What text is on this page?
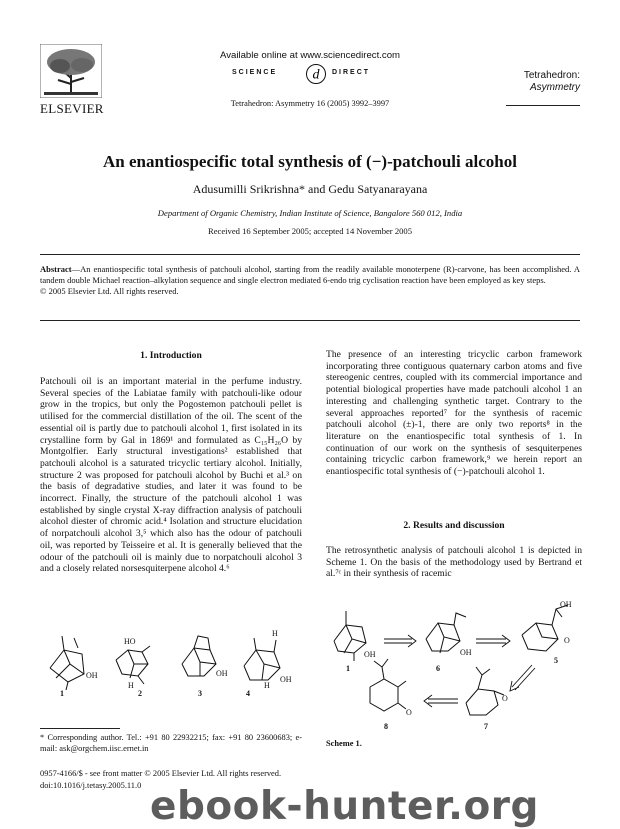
ELSEVIER
Available online at www.sciencedirect.com
SCIENCE	d DIRECT
Tetrahedron: Asymmetry 16 (2005) 3992–3997
Tetrahedron:
Asymmetry
An enantiospecific total synthesis of (−)-patchouli alcohol
Adusumilli Srikrishna* and Gedu Satyanarayana
Department of Organic Chemistry, Indian Institute of Science, Bangalore 560 012, India
Received 16 September 2005; accepted 14 November 2005
Abstract—An enantiospecific total synthesis of patchouli alcohol, starting from the readily available monoterpene (R)-carvone, has been accomplished. A tandem double Michael reaction–alkylation sequence and single electron mediated 6-endo trig cyclisation reaction have been employed as key steps.
© 2005 Elsevier Ltd. All rights reserved.
1. Introduction
Patchouli oil is an important material in the perfume industry. Several species of the Labiatae family with patchouli-like odour grow in the tropics, but only the Pogostemon patchouli pellet is utilised for the commercial distillation of the oil. The scent of the essential oil is partly due to patchouli alcohol 1, first isolated in its crystalline form by Gal in 1869¹ and formulated as C₁₅H₂₆O by Montgolfier. Early structural investigations² established that patchouli alcohol is a saturated tricyclic tertiary alcohol. Initially, structure 2 was proposed for patchouli alcohol by Buchi et al.³ on the basis of degradative studies, and later it was found to be incorrect. Finally, the structure of the patchouli alcohol 1 was established by single crystal X-ray diffraction analysis of patchouli alcohol diester of chromic acid.⁴ Isolation and structure elucidation of norpatchouli alcohol 3,⁵ which also has the odour of patchouli oil, was reported by Teisseire et al. It is generally believed that the odour of the patchouli oil is mainly due to norpatchouli alcohol 3 and a closely related norsesquiterpene alcohol 4.⁶
OH
1
HO
H
2
OH
3
H
H
OH
4
* Corresponding author. Tel.: +91 80 22932215; fax: +91 80 23600683; e-mail: ask@orgchem.iisc.ernet.in
0957-4166/$ - see front matter © 2005 Elsevier Ltd. All rights reserved.
doi:10.1016/j.tetasy.2005.11.0
The presence of an interesting tricyclic carbon framework incorporating three contiguous quaternary carbon atoms and five stereogenic centres, coupled with its commercial importance and potential biological properties have made patchouli alcohol 1 an interesting and challenging synthetic target. Contrary to the several approaches reported⁷ for the synthesis of racemic patchouli alcohol (±)-1, there are only two reports⁸ in the literature on the enantiospecific total synthesis of 1. In continuation of our work on the synthesis of sesquiterpenes containing tricyclic carbon framework,⁹ we herein report an enantiospecific total synthesis of (−)-patchouli alcohol 1.
2. Results and discussion
The retrosynthetic analysis of patchouli alcohol 1 is depicted in Scheme 1. On the basis of the methodology used by Bertrand et al.⁷ᶜ in their synthesis of racemic
OH
1
OH
6
OH
O
5
O
7
O
8
Scheme 1.
ebook-hunter.org
